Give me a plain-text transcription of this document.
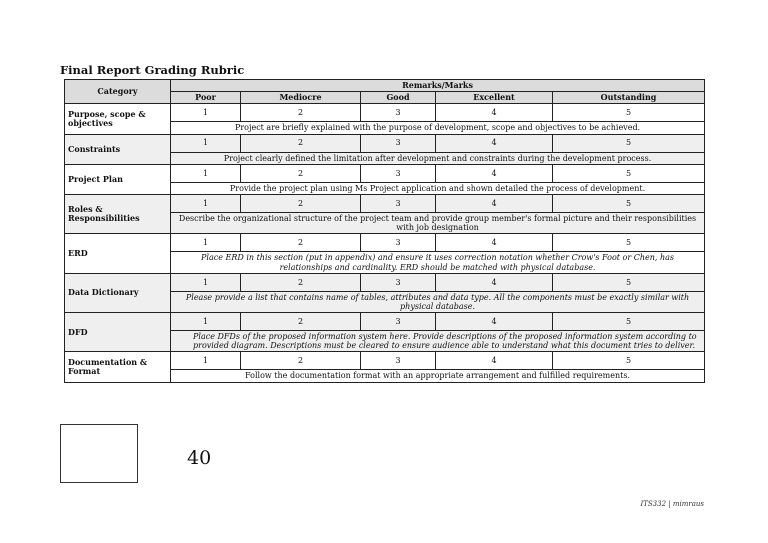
Final Report Grading Rubric
Category	Remarks/Marks				
	Poor	Mediocre	Good	Excellent	Outstanding
Purpose, scope & objectives	1	2	3	4	5
	Project are briefly explained with the purpose of development, scope and objectives to be achieved.				
Constraints	1	2	3	4	5
	Project clearly defined the limitation after development and constraints during the development process.				
Project Plan	1	2	3	4	5
	Provide the project plan using Ms Project application and shown detailed the process of development.				
Roles & Responsibilities	1	2	3	4	5
	Describe the organizational structure of the project team and provide group member's formal picture and their responsibilities with job designation				
ERD	1	2	3	4	5
	Place ERD in this section (put in appendix) and ensure it uses correction notation whether Crow's Foot or Chen, has relationships and cardinality. ERD should be matched with physical database.				
Data Dictionary	1	2	3	4	5
	Please provide a list that contains name of tables, attributes and data type. All the components must be exactly similar with physical database.				
DFD	1	2	3	4	5
	Place DFDs of the proposed information system here. Provide descriptions of the proposed information system according to provided diagram. Descriptions must be cleared to ensure audience able to understand what this document tries to deliver.				
Documentation & Format	1	2	3	4	5
	Follow the documentation format with an appropriate arrangement and fulfilled requirements.				
40
ITS332 | mimraus
